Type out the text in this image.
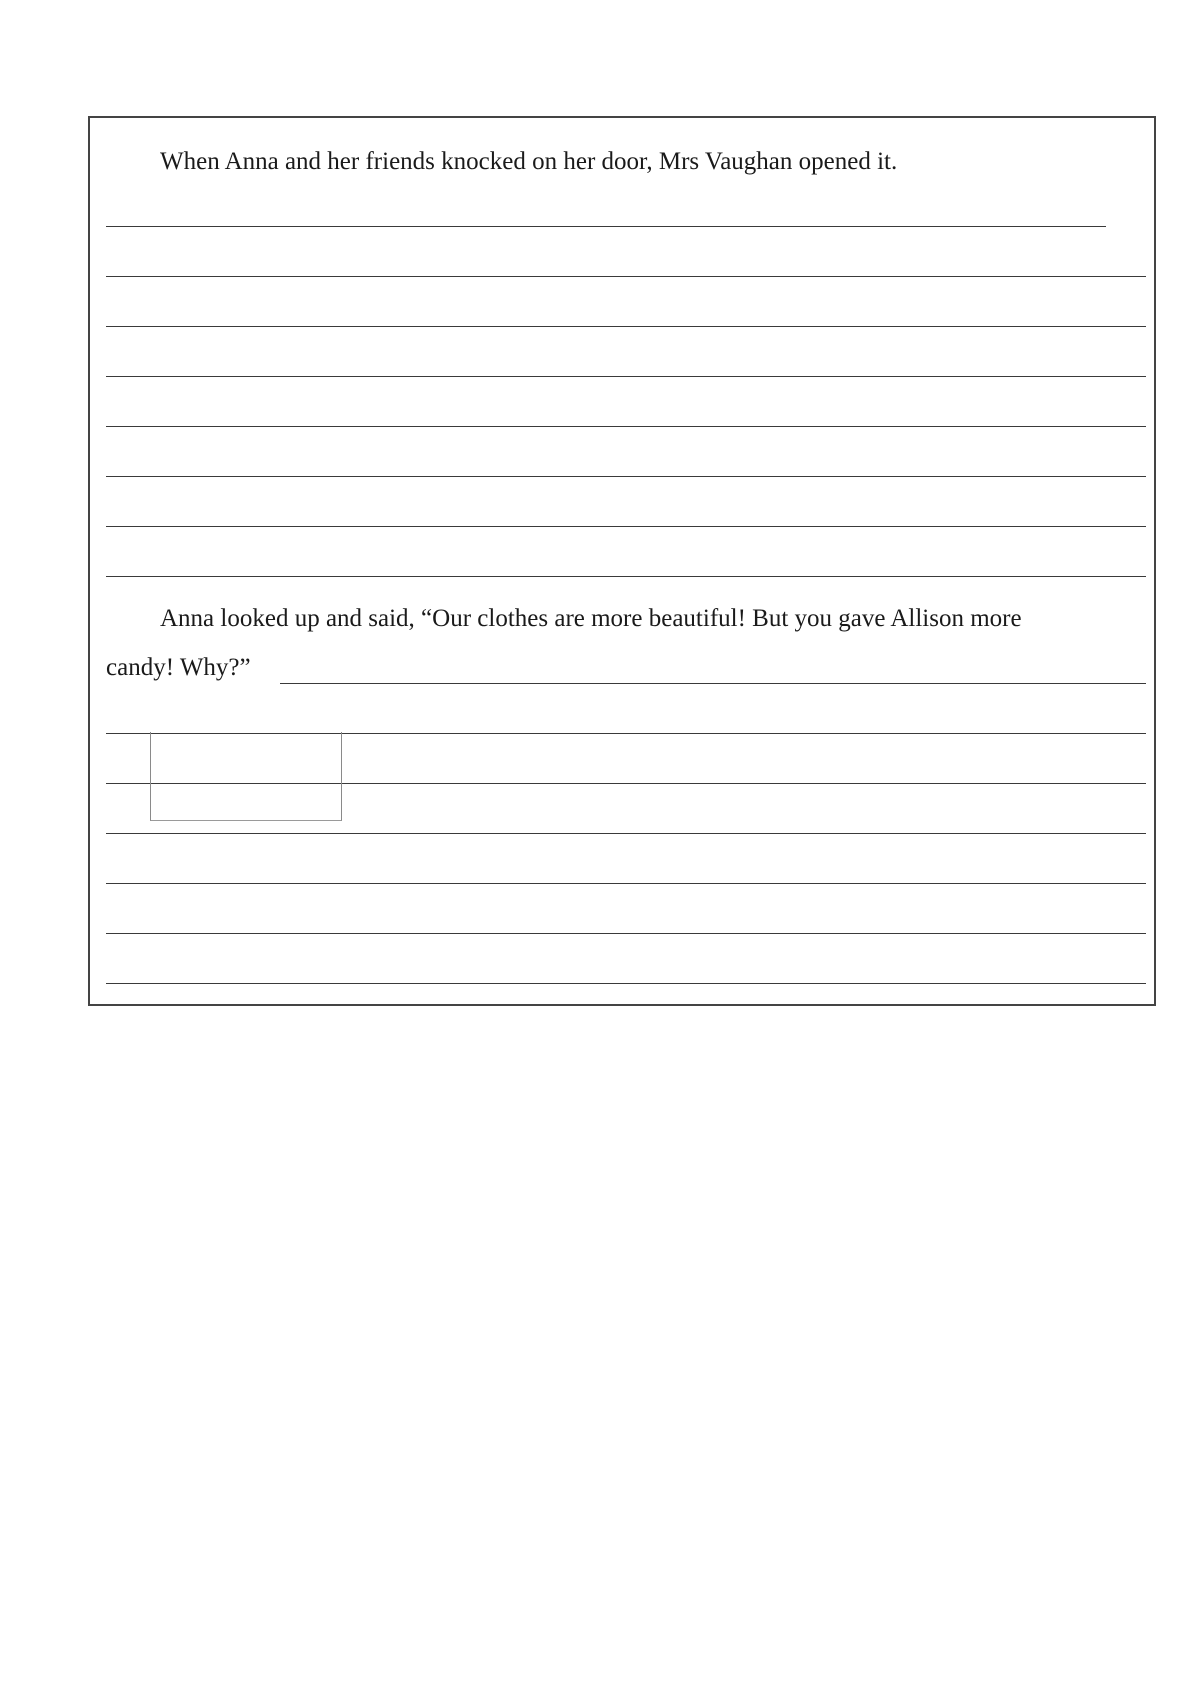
When Anna and her friends knocked on her door, Mrs Vaughan opened it.
Anna looked up and said, “Our clothes are more beautiful! But you gave Allison more
candy! Why?”
